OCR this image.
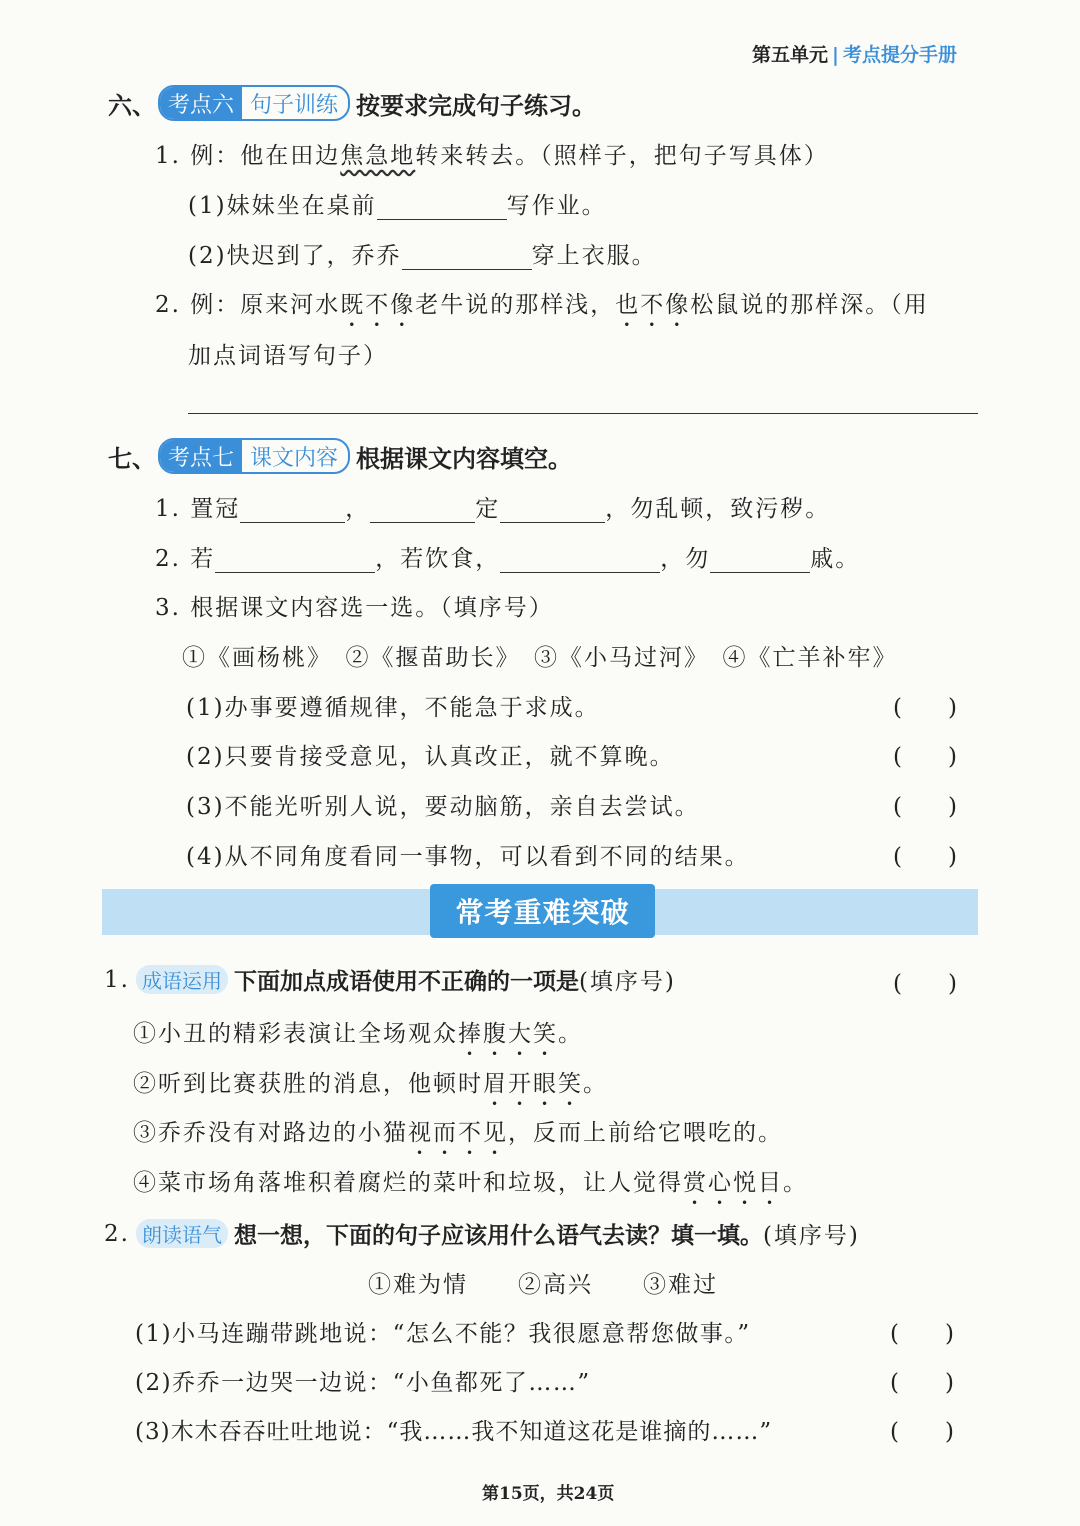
第五单元 | 考点提分手册
六、 考点六 句子训练 按要求完成句子练习。
1. 例：他在田边焦急地转来转去。（照样子，把句子写具体）
(1)妹妹坐在桌前	写作业。
(2)快迟到了，乔乔	穿上衣服。
2. 例：原来河水既不像老牛说的那样浅，也不像松鼠说的那样深。（用
加点词语写句子）
七、 考点七 课文内容 根据课文内容填空。
1. 置冠	，	定	，勿乱顿，致污秽。
2. 若	，若饮食，	，勿	戚。
3. 根据课文内容选一选。（填序号）
①《画杨桃》　②《揠苗助长》　③《小马过河》　④《亡羊补牢》
(1)办事要遵循规律，不能急于求成。	(　　)
(2)只要肯接受意见，认真改正，就不算晚。	(　　)
(3)不能光听别人说，要动脑筋，亲自去尝试。	(　　)
(4)从不同角度看同一事物，可以看到不同的结果。	(　　)
常考重难突破
1. 成语运用 下面加点成语使用不正确的一项是 (填序号)	(　　)
①小丑的精彩表演让全场观众捧腹大笑。
②听到比赛获胜的消息，他顿时眉开眼笑。
③乔乔没有对路边的小猫视而不见，反而上前给它喂吃的。
④菜市场角落堆积着腐烂的菜叶和垃圾，让人觉得赏心悦目。
2. 朗读语气 想一想，下面的句子应该用什么语气去读？填一填。 (填序号)
①难为情　　②高兴　　③难过
(1)小马连蹦带跳地说：“怎么不能？我很愿意帮您做事。”	(　　)
(2)乔乔一边哭一边说：“小鱼都死了……”	(　　)
(3)木木吞吞吐吐地说：“我……我不知道这花是谁摘的……”	(　　)
第15页，共24页
